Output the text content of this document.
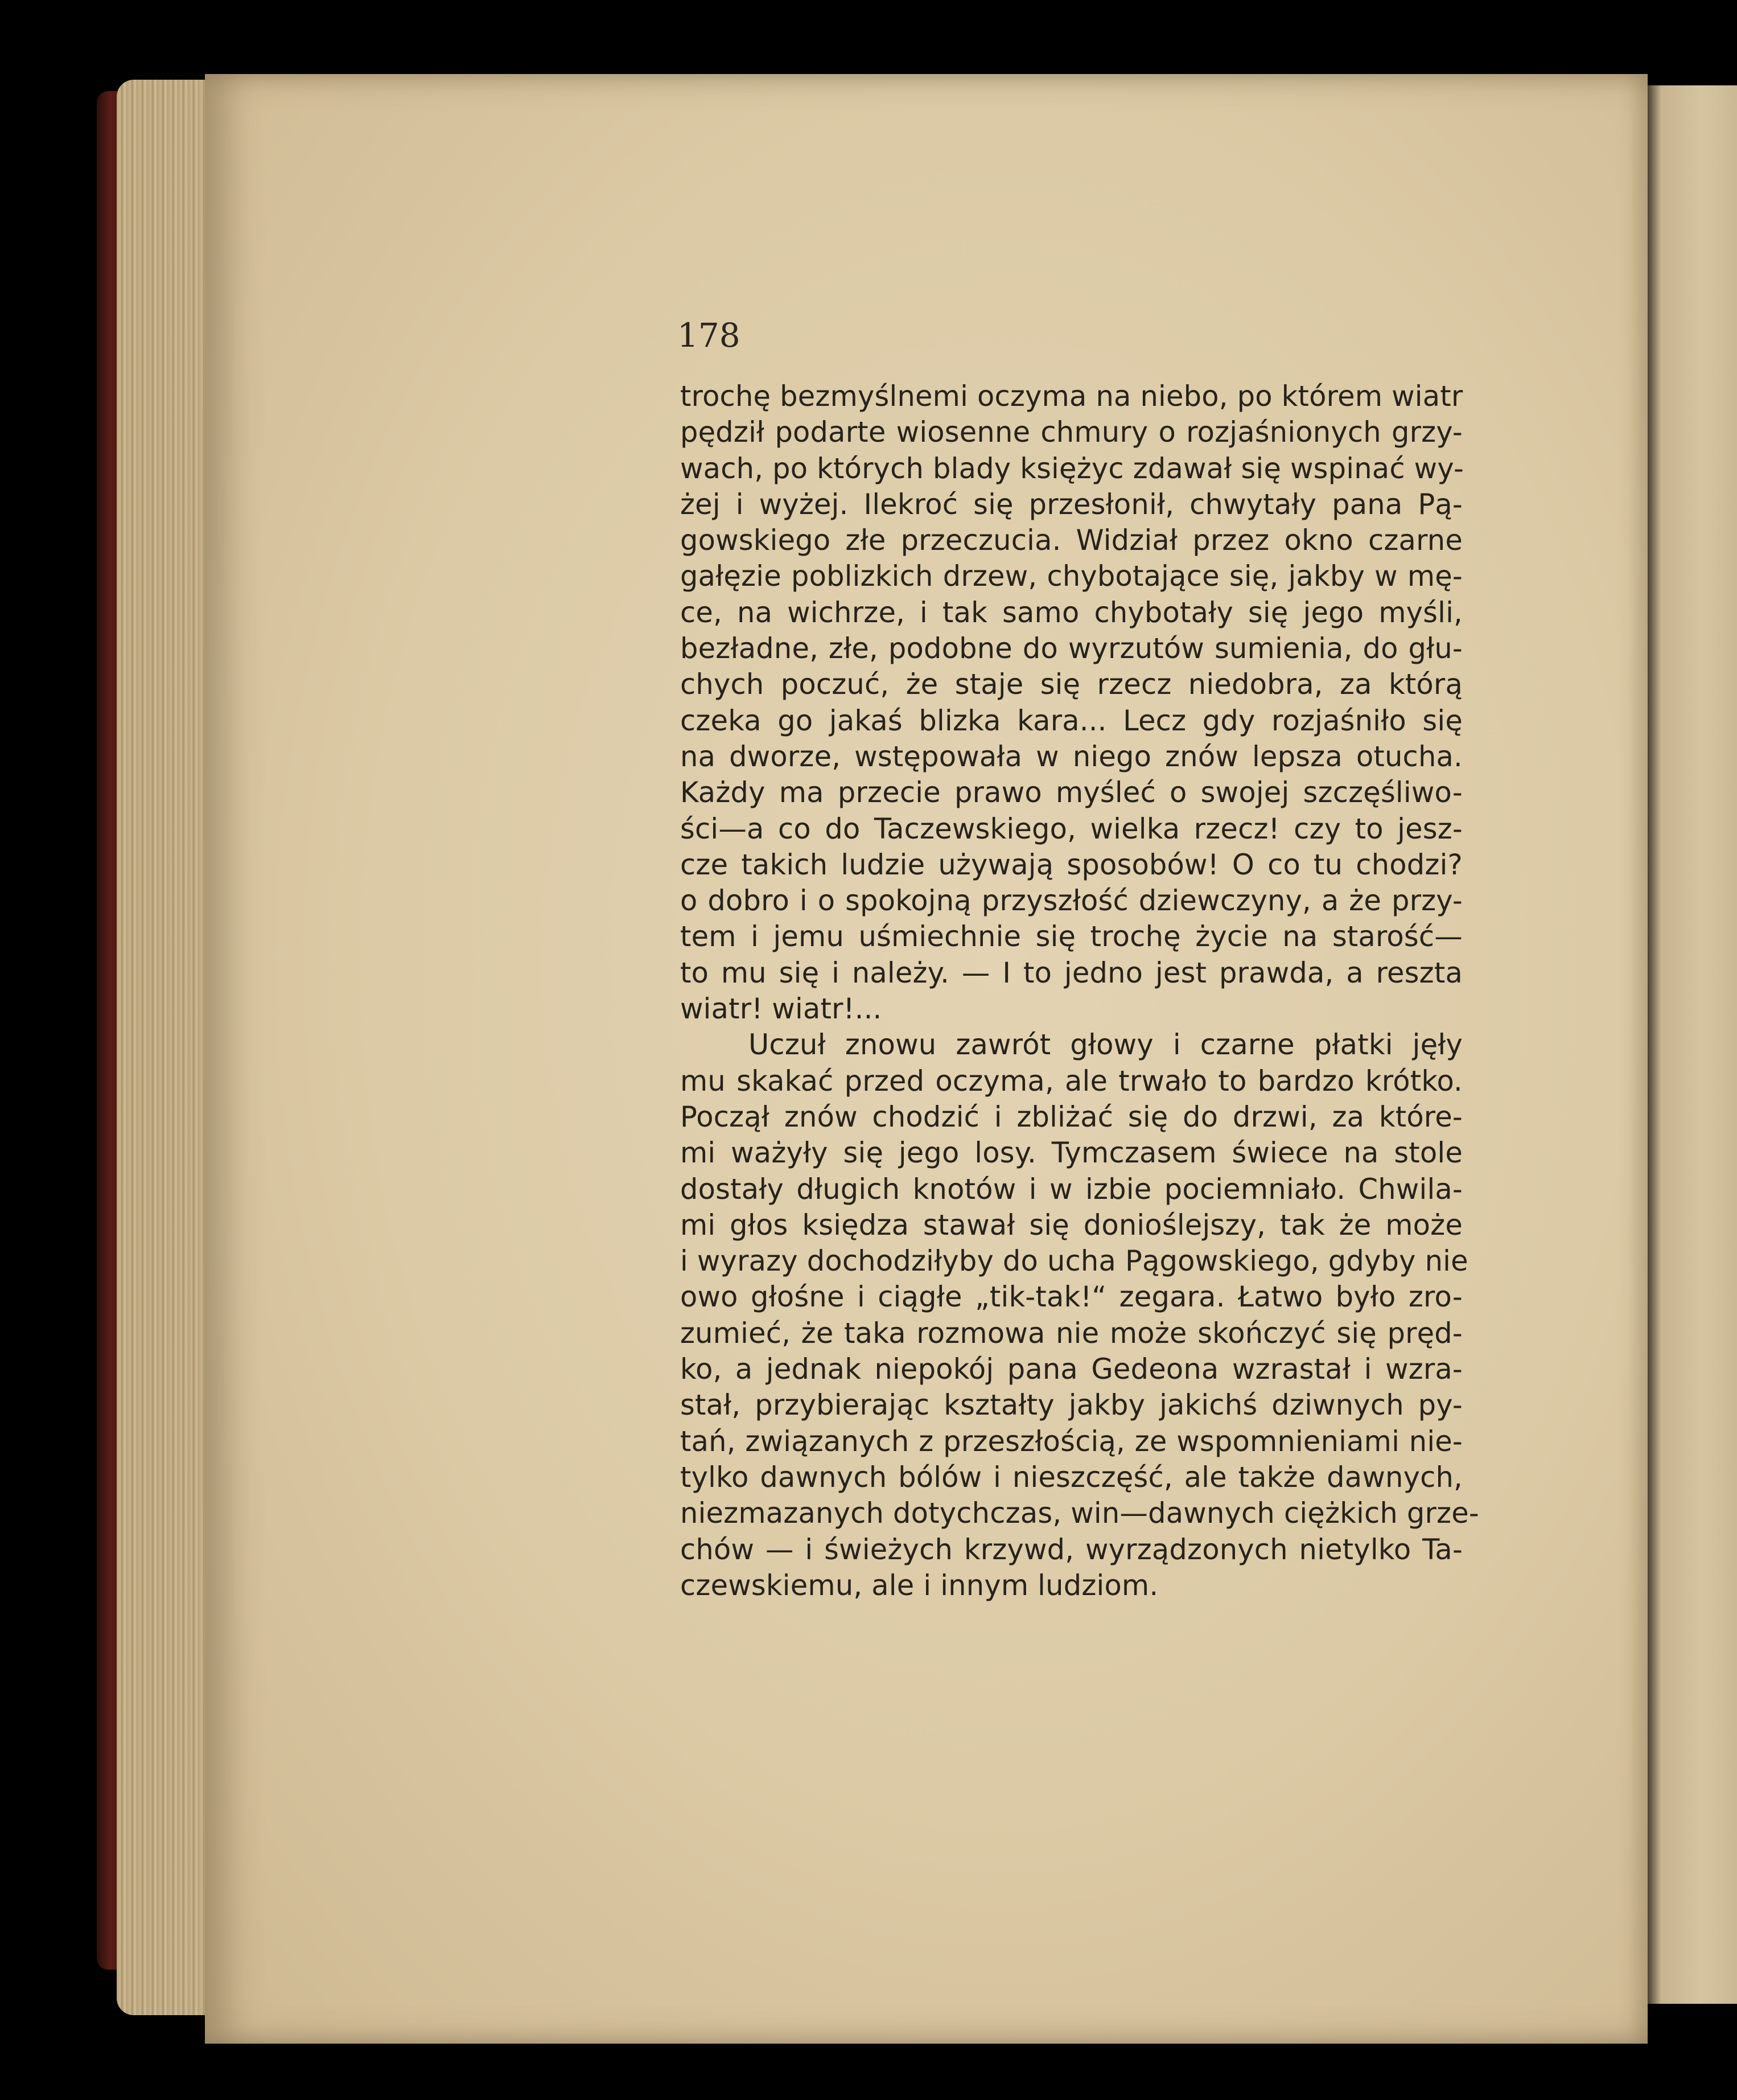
178
trochę bezmyślnemi oczyma na niebo, po którem wiatr
pędził podarte wiosenne chmury o rozjaśnionych grzy-
wach, po których blady księżyc zdawał się wspinać wy-
żej i wyżej. Ilekroć się przesłonił, chwytały pana Pą-
gowskiego złe przeczucia. Widział przez okno czarne
gałęzie poblizkich drzew, chybotające się, jakby w mę-
ce, na wichrze, i tak samo chybotały się jego myśli,
bezładne, złe, podobne do wyrzutów sumienia, do głu-
chych poczuć, że staje się rzecz niedobra, za którą
czeka go jakaś blizka kara... Lecz gdy rozjaśniło się
na dworze, wstępowała w niego znów lepsza otucha.
Każdy ma przecie prawo myśleć o swojej szczęśliwo-
ści—a co do Taczewskiego, wielka rzecz! czy to jesz-
cze takich ludzie używają sposobów! O co tu chodzi?
o dobro i o spokojną przyszłość dziewczyny, a że przy-
tem i jemu uśmiechnie się trochę życie na starość—
to mu się i należy. — I to jedno jest prawda, a reszta
wiatr! wiatr!...
Uczuł znowu zawrót głowy i czarne płatki jęły
mu skakać przed oczyma, ale trwało to bardzo krótko.
Począł znów chodzić i zbliżać się do drzwi, za które-
mi ważyły się jego losy. Tymczasem świece na stole
dostały długich knotów i w izbie pociemniało. Chwila-
mi głos księdza stawał się donioślejszy, tak że może
i wyrazy dochodziłyby do ucha Pągowskiego, gdyby nie
owo głośne i ciągłe „tik-tak!“ zegara. Łatwo było zro-
zumieć, że taka rozmowa nie może skończyć się pręd-
ko, a jednak niepokój pana Gedeona wzrastał i wzra-
stał, przybierając kształty jakby jakichś dziwnych py-
tań, związanych z przeszłością, ze wspomnieniami nie-
tylko dawnych bólów i nieszczęść, ale także dawnych,
niezmazanych dotychczas, win—dawnych ciężkich grze-
chów — i świeżych krzywd, wyrządzonych nietylko Ta-
czewskiemu, ale i innym ludziom.
